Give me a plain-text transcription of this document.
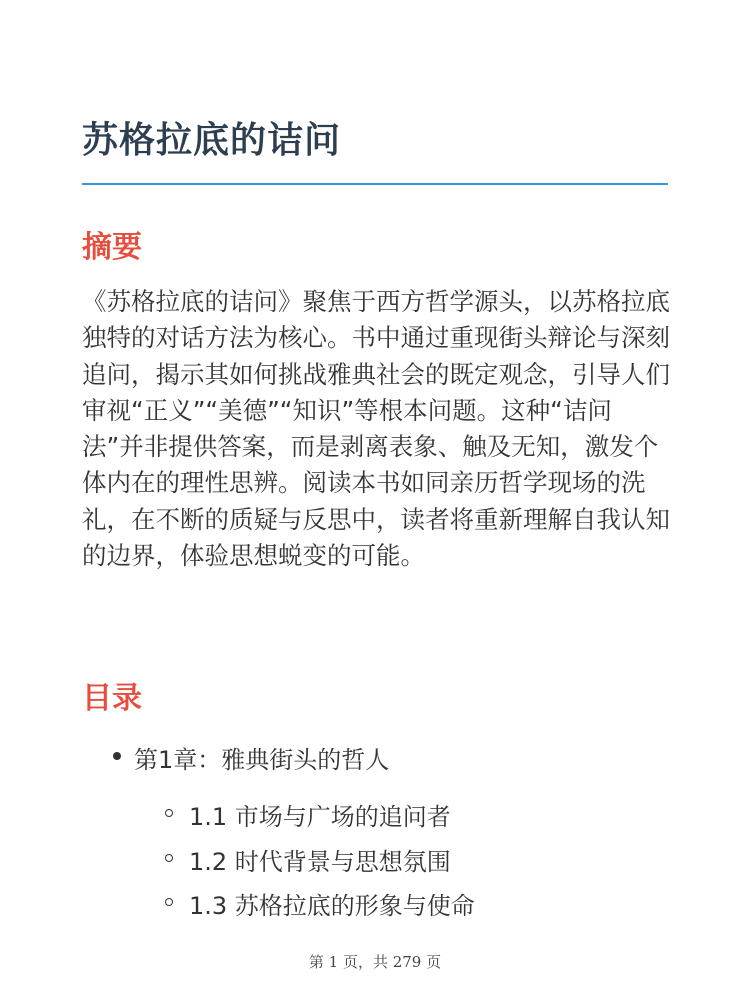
苏格拉底的诘问
摘要

《苏格拉底的诘问》聚焦于西方哲学源头，以苏格拉底独特的对话方法为核心。书中通过重现街头辩论与深刻追问，揭示其如何挑战雅典社会的既定观念，引导人们审视“正义”“美德”“知识”等根本问题。这种“诘问法”并非提供答案，而是剥离表象、触及无知，激发个体内在的理性思辨。阅读本书如同亲历哲学现场的洗礼，在不断的质疑与反思中，读者将重新理解自我认知的边界，体验思想蜕变的可能。

目录
第1章：雅典街头的哲人
1.1 市场与广场的追问者
1.2 时代背景与思想氛围
1.3 苏格拉底的形象与使命
第 1 页，共 279 页
